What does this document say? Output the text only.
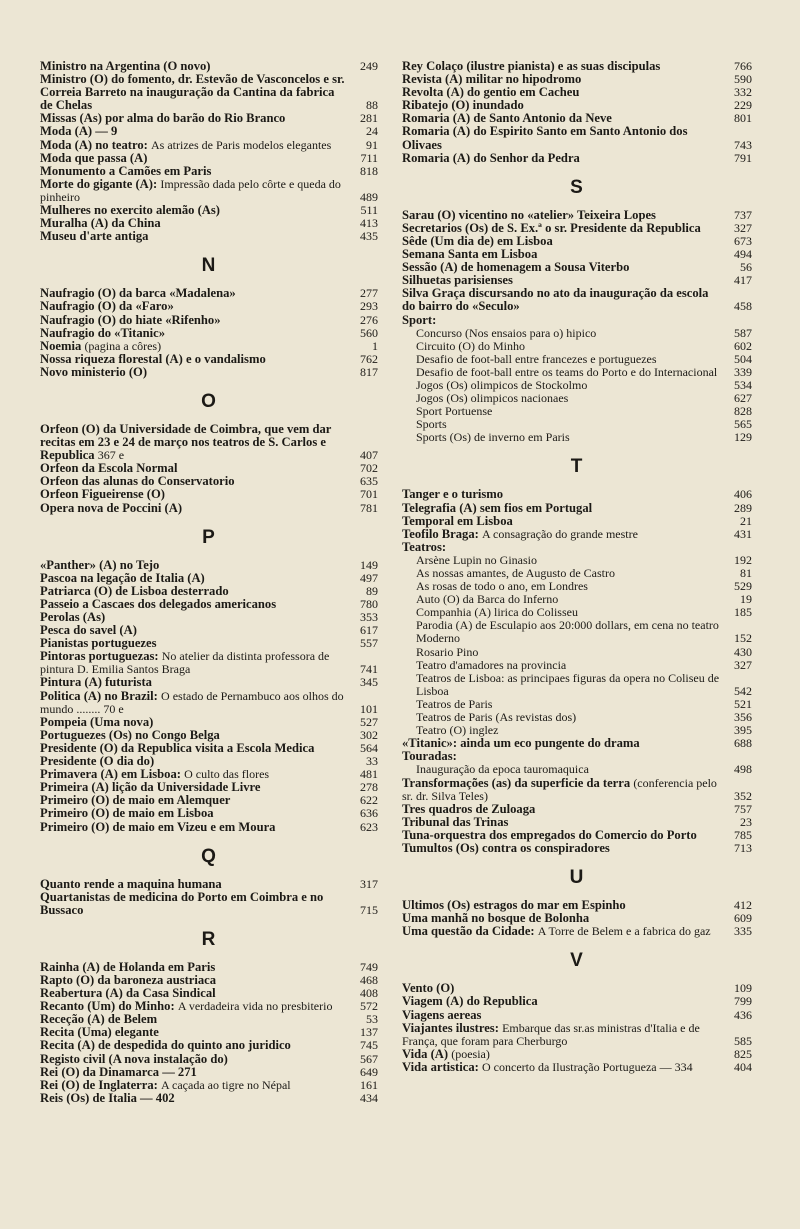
Ministro na Argentina (O novo)	249
Ministro (O) do fomento, dr. Estevão de Vasconcelos e sr. Correia Barreto na inauguração da Cantina da fabrica de Chelas	88
Missas (As) por alma do barão do Rio Branco	281
Moda (A) — 9	24
Moda (A) no teatro: As atrizes de Paris modelos elegantes	91
Moda que passa (A)	711
Monumento a Camões em Paris	818
Morte do gigante (A): Impressão dada pelo côrte e queda do pinheiro	489
Mulheres no exercito alemão (As)	511
Muralha (A) da China	413
Museu d'arte antiga	435
N
Naufragio (O) da barca «Madalena»	277
Naufragio (O) da «Faro»	293
Naufragio (O) do hiate «Rifenho»	276
Naufragio do «Titanic»	560
Noemia (pagina a côres)	1
Nossa riqueza florestal (A) e o vandalismo	762
Novo ministerio (O)	817
O
Orfeon (O) da Universidade de Coimbra, que vem dar recitas em 23 e 24 de março nos teatros de S. Carlos e Republica 367 e	407
Orfeon da Escola Normal	702
Orfeon das alunas do Conservatorio	635
Orfeon Figueirense (O)	701
Opera nova de Poccini (A)	781
P
«Panther» (A) no Tejo	149
Pascoa na legação de Italia (A)	497
Patriarca (O) de Lisboa desterrado	89
Passeio a Cascaes dos delegados americanos	780
Perolas (As)	353
Pesca do savel (A)	617
Pianistas portuguezes	557
Pintoras portuguezas: No atelier da distinta professora de pintura D. Emilia Santos Braga	741
Pintura (A) futurista	345
Politica (A) no Brazil: O estado de Pernambuco aos olhos do mundo ........ 70 e	101
Pompeia (Uma nova)	527
Portuguezes (Os) no Congo Belga	302
Presidente (O) da Republica visita a Escola Medica	564
Presidente (O dia do)	33
Primavera (A) em Lisboa: O culto das flores	481
Primeira (A) lição da Universidade Livre	278
Primeiro (O) de maio em Alemquer	622
Primeiro (O) de maio em Lisboa	636
Primeiro (O) de maio em Vizeu e em Moura	623
Q
Quanto rende a maquina humana	317
Quartanistas de medicina do Porto em Coimbra e no Bussaco	715
R
Rainha (A) de Holanda em Paris	749
Rapto (O) da baroneza austriaca	468
Reabertura (A) da Casa Sindical	408
Recanto (Um) do Minho: A verdadeira vida no presbiterio	572
Receção (A) de Belem	53
Recita (Uma) elegante	137
Recita (A) de despedida do quinto ano juridico	745
Registo civil (A nova instalação do)	567
Rei (O) da Dinamarca — 271	649
Rei (O) de Inglaterra: A caçada ao tigre no Népal	161
Reis (Os) de Italia — 402	434
Rey Colaço (ilustre pianista) e as suas discipulas	766
Revista (A) militar no hipodromo	590
Revolta (A) do gentio em Cacheu	332
Ribatejo (O) inundado	229
Romaria (A) de Santo Antonio da Neve	801
Romaria (A) do Espirito Santo em Santo Antonio dos Olivaes	743
Romaria (A) do Senhor da Pedra	791
S
Sarau (O) vicentino no «atelier» Teixeira Lopes	737
Secretarios (Os) de S. Ex.ª o sr. Presidente da Republica	327
Sêde (Um dia de) em Lisboa	673
Semana Santa em Lisboa	494
Sessão (A) de homenagem a Sousa Viterbo	56
Silhuetas parisienses	417
Silva Graça discursando no ato da inauguração da escola do bairro do «Seculo»	458
Sport:
Concurso (Nos ensaios para o) hipico	587
Circuito (O) do Minho	602
Desafio de foot-ball entre francezes e portuguezes	504
Desafio de foot-ball entre os teams do Porto e do Internacional	339
Jogos (Os) olimpicos de Stockolmo	534
Jogos (Os) olimpicos nacionaes	627
Sport Portuense	828
Sports	565
Sports (Os) de inverno em Paris	129
T
Tanger e o turismo	406
Telegrafia (A) sem fios em Portugal	289
Temporal em Lisboa	21
Teofilo Braga: A consagração do grande mestre	431
Teatros:
Arsène Lupin no Ginasio	192
As nossas amantes, de Augusto de Castro	81
As rosas de todo o ano, em Londres	529
Auto (O) da Barca do Inferno	19
Companhia (A) lirica do Colisseu	185
Parodia (A) de Esculapio aos 20:000 dollars, em cena no teatro Moderno	152
Rosario Pino	430
Teatro d'amadores na provincia	327
Teatros de Lisboa: as principaes figuras da opera no Coliseu de Lisboa	542
Teatros de Paris	521
Teatros de Paris (As revistas dos)	356
Teatro (O) inglez	395
«Titanic»: ainda um eco pungente do drama	688
Touradas:
Inauguração da epoca tauromaquica	498
Transformações (as) da superficie da terra (conferencia pelo sr. dr. Silva Teles)	352
Tres quadros de Zuloaga	757
Tribunal das Trinas	23
Tuna-orquestra dos empregados do Comercio do Porto	785
Tumultos (Os) contra os conspiradores	713
U
Ultimos (Os) estragos do mar em Espinho	412
Uma manhã no bosque de Bolonha	609
Uma questão da Cidade: A Torre de Belem e a fabrica do gaz	335
V
Vento (O)	109
Viagem (A) do Republica	799
Viagens aereas	436
Viajantes ilustres: Embarque das sr.as ministras d'Italia e de França, que foram para Cherburgo	585
Vida (A) (poesia)	825
Vida artistica: O concerto da Ilustração Portugueza — 334	404
